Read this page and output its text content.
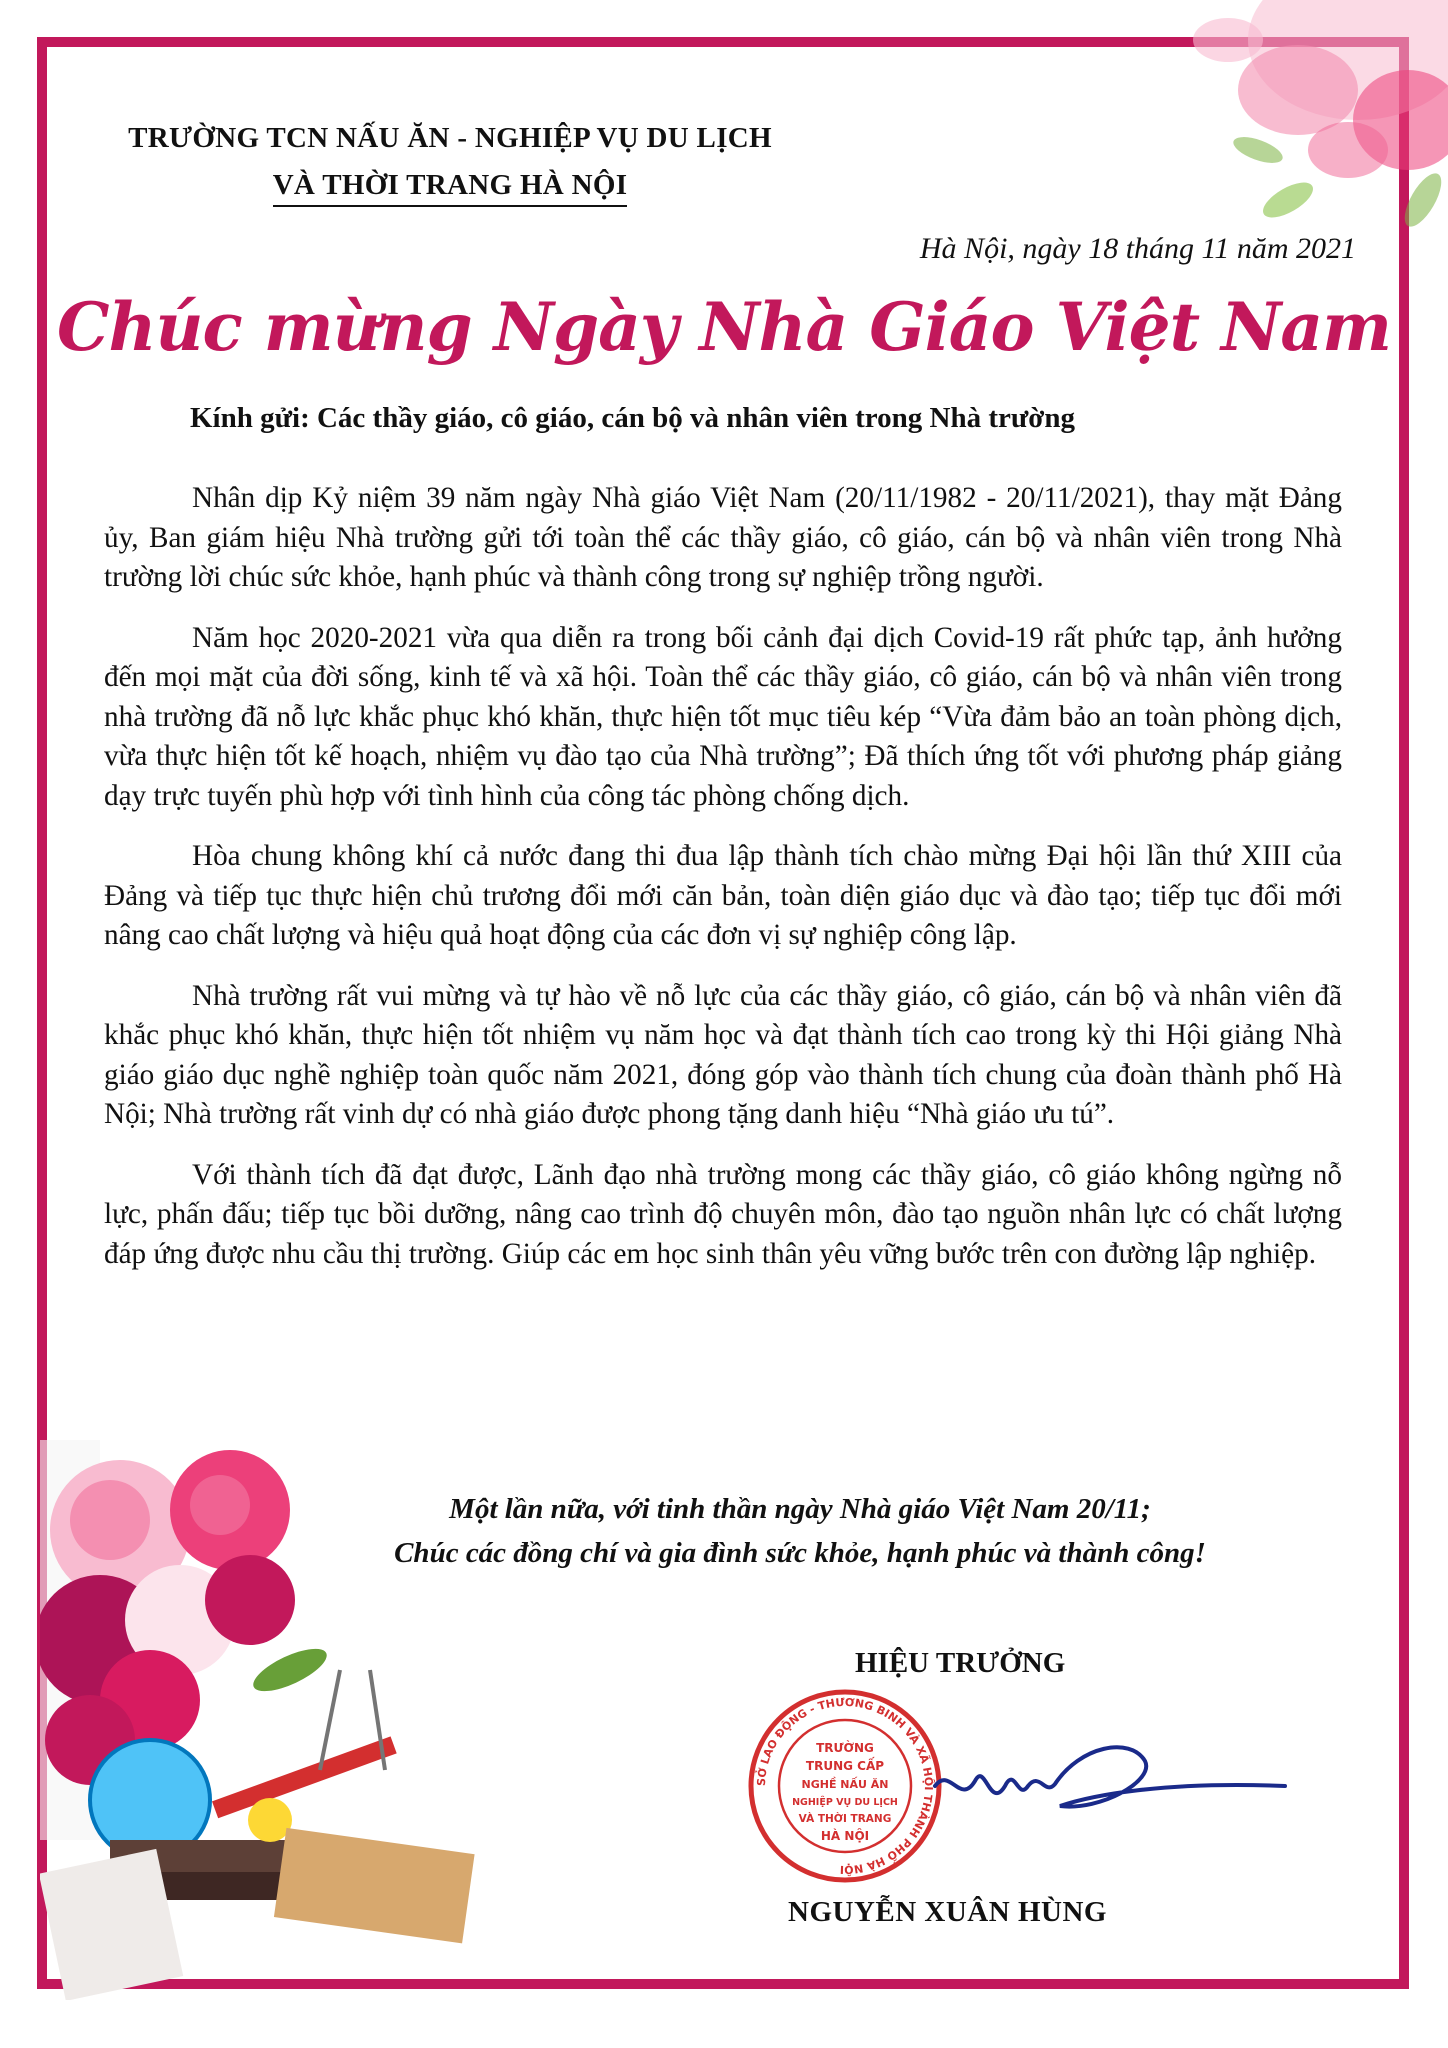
TRƯỜNG TCN NẤU ĂN - NGHIỆP VỤ DU LỊCH
VÀ THỜI TRANG HÀ NỘI
Hà Nội, ngày 18 tháng 11 năm 2021
Chúc mừng Ngày Nhà Giáo Việt Nam
Kính gửi: Các thầy giáo, cô giáo, cán bộ và nhân viên trong Nhà trường

Nhân dịp Kỷ niệm 39 năm ngày Nhà giáo Việt Nam (20/11/1982 - 20/11/2021), thay mặt Đảng ủy, Ban giám hiệu Nhà trường gửi tới toàn thể các thầy giáo, cô giáo, cán bộ và nhân viên trong Nhà trường lời chúc sức khỏe, hạnh phúc và thành công trong sự nghiệp trồng người.

Năm học 2020-2021 vừa qua diễn ra trong bối cảnh đại dịch Covid-19 rất phức tạp, ảnh hưởng đến mọi mặt của đời sống, kinh tế và xã hội. Toàn thể các thầy giáo, cô giáo, cán bộ và nhân viên trong nhà trường đã nỗ lực khắc phục khó khăn, thực hiện tốt mục tiêu kép “Vừa đảm bảo an toàn phòng dịch, vừa thực hiện tốt kế hoạch, nhiệm vụ đào tạo của Nhà trường”; Đã thích ứng tốt với phương pháp giảng dạy trực tuyến phù hợp với tình hình của công tác phòng chống dịch.

Hòa chung không khí cả nước đang thi đua lập thành tích chào mừng Đại hội lần thứ XIII của Đảng và tiếp tục thực hiện chủ trương đổi mới căn bản, toàn diện giáo dục và đào tạo; tiếp tục đổi mới nâng cao chất lượng và hiệu quả hoạt động của các đơn vị sự nghiệp công lập.

Nhà trường rất vui mừng và tự hào về nỗ lực của các thầy giáo, cô giáo, cán bộ và nhân viên đã khắc phục khó khăn, thực hiện tốt nhiệm vụ năm học và đạt thành tích cao trong kỳ thi Hội giảng Nhà giáo giáo dục nghề nghiệp toàn quốc năm 2021, đóng góp vào thành tích chung của đoàn thành phố Hà Nội; Nhà trường rất vinh dự có nhà giáo được phong tặng danh hiệu “Nhà giáo ưu tú”.

Với thành tích đã đạt được, Lãnh đạo nhà trường mong các thầy giáo, cô giáo không ngừng nỗ lực, phấn đấu; tiếp tục bồi dưỡng, nâng cao trình độ chuyên môn, đào tạo nguồn nhân lực có chất lượng đáp ứng được nhu cầu thị trường. Giúp các em học sinh thân yêu vững bước trên con đường lập nghiệp.

Một lần nữa, với tinh thần ngày Nhà giáo Việt Nam 20/11;
Chúc các đồng chí và gia đình sức khỏe, hạnh phúc và thành công!
HIỆU TRƯỞNG
SỞ LAO ĐỘNG - THƯƠNG BINH VÀ XÃ HỘI THÀNH PHỐ HÀ NỘI
TRƯỜNG
TRUNG CẤP
NGHỀ NẤU ĂN
NGHIỆP VỤ DU LỊCH
VÀ THỜI TRANG
HÀ NỘI
NGUYỄN XUÂN HÙNG
